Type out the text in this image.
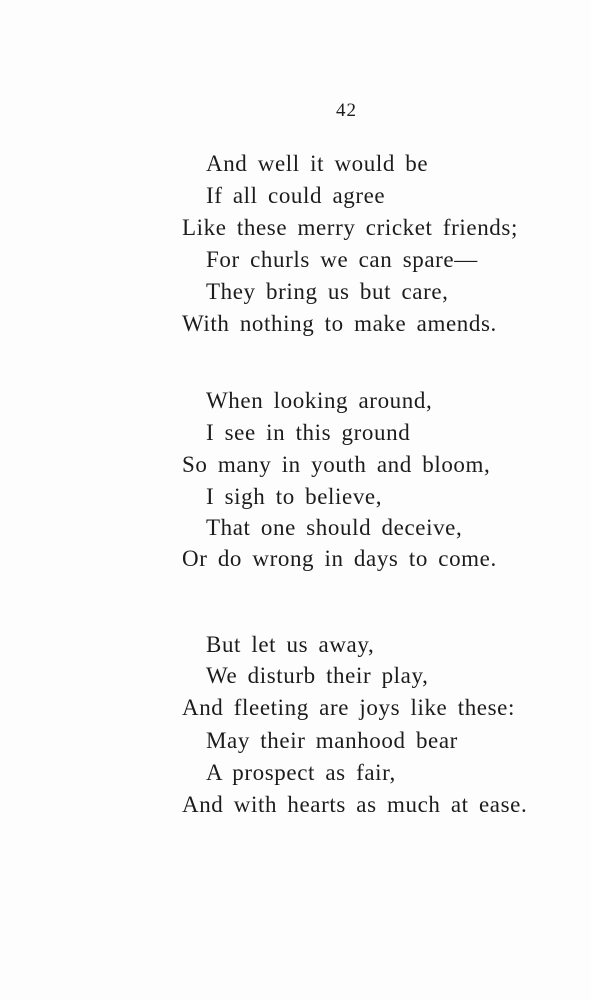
42
And well it would be
If all could agree
Like these merry cricket friends;
For churls we can spare—
They bring us but care,
With nothing to make amends.
When looking around,
I see in this ground
So many in youth and bloom,
I sigh to believe,
That one should deceive,
Or do wrong in days to come.
But let us away,
We disturb their play,
And fleeting are joys like these:
May their manhood bear
A prospect as fair,
And with hearts as much at ease.
